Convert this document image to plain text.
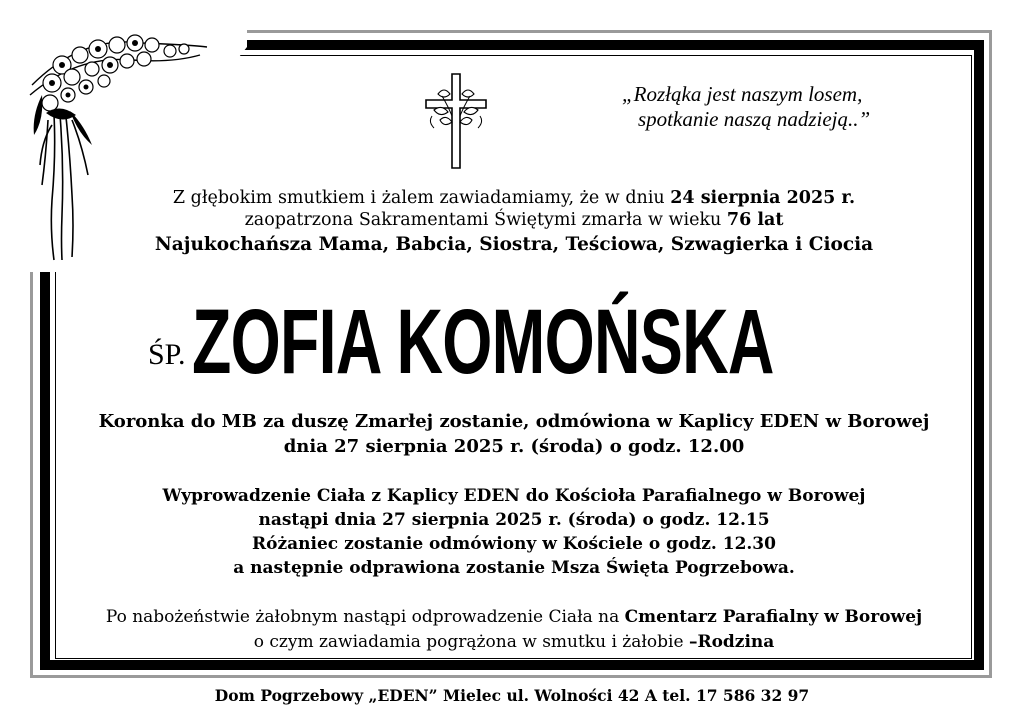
„Rozłąka jest naszym losem,
spotkanie naszą nadzieją..”
Z głębokim smutkiem i żalem zawiadamiamy, że w dniu 24 sierpnia 2025 r.
zaopatrzona Sakramentami Świętymi zmarła w wieku 76 lat
Najukochańsza Mama, Babcia, Siostra, Teściowa, Szwagierka i Ciocia
ŚP. ZOFIA KOMOŃSKA
Koronka do MB za duszę Zmarłej zostanie, odmówiona w Kaplicy EDEN w Borowej
dnia 27 sierpnia 2025 r. (środa) o godz. 12.00
Wyprowadzenie Ciała z Kaplicy EDEN do Kościoła Parafialnego w Borowej
nastąpi dnia 27 sierpnia 2025 r. (środa) o godz. 12.15
Różaniec zostanie odmówiony w Kościele o godz. 12.30
a następnie odprawiona zostanie Msza Święta Pogrzebowa.
Po nabożeństwie żałobnym nastąpi odprowadzenie Ciała na Cmentarz Parafialny w Borowej
o czym zawiadamia pogrążona w smutku i żałobie –Rodzina
Dom Pogrzebowy „EDEN” Mielec ul. Wolności 42 A tel. 17 586 32 97
